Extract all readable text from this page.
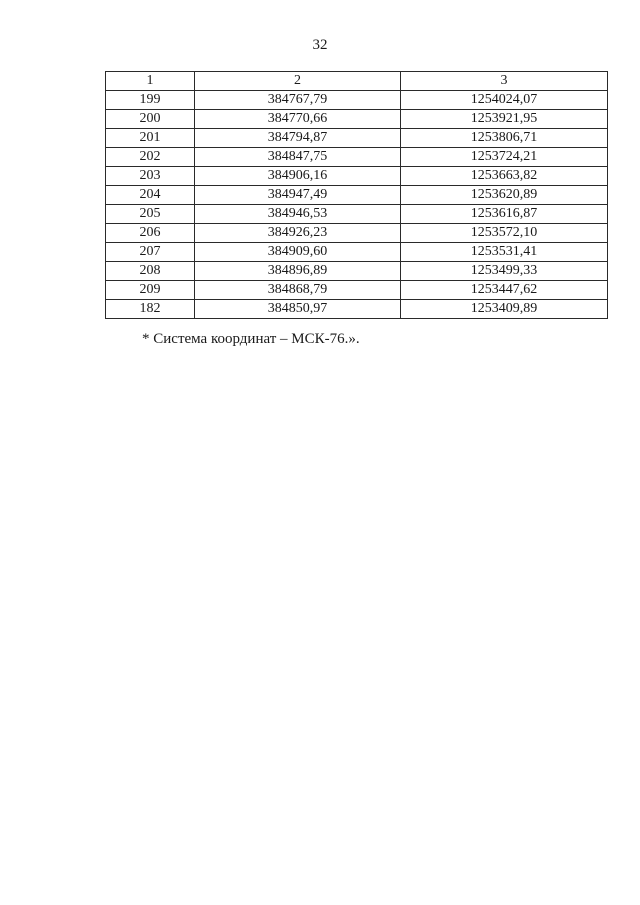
32
1	2	3
199	384767,79	1254024,07
200	384770,66	1253921,95
201	384794,87	1253806,71
202	384847,75	1253724,21
203	384906,16	1253663,82
204	384947,49	1253620,89
205	384946,53	1253616,87
206	384926,23	1253572,10
207	384909,60	1253531,41
208	384896,89	1253499,33
209	384868,79	1253447,62
182	384850,97	1253409,89
* Система координат – МСК-76.».
